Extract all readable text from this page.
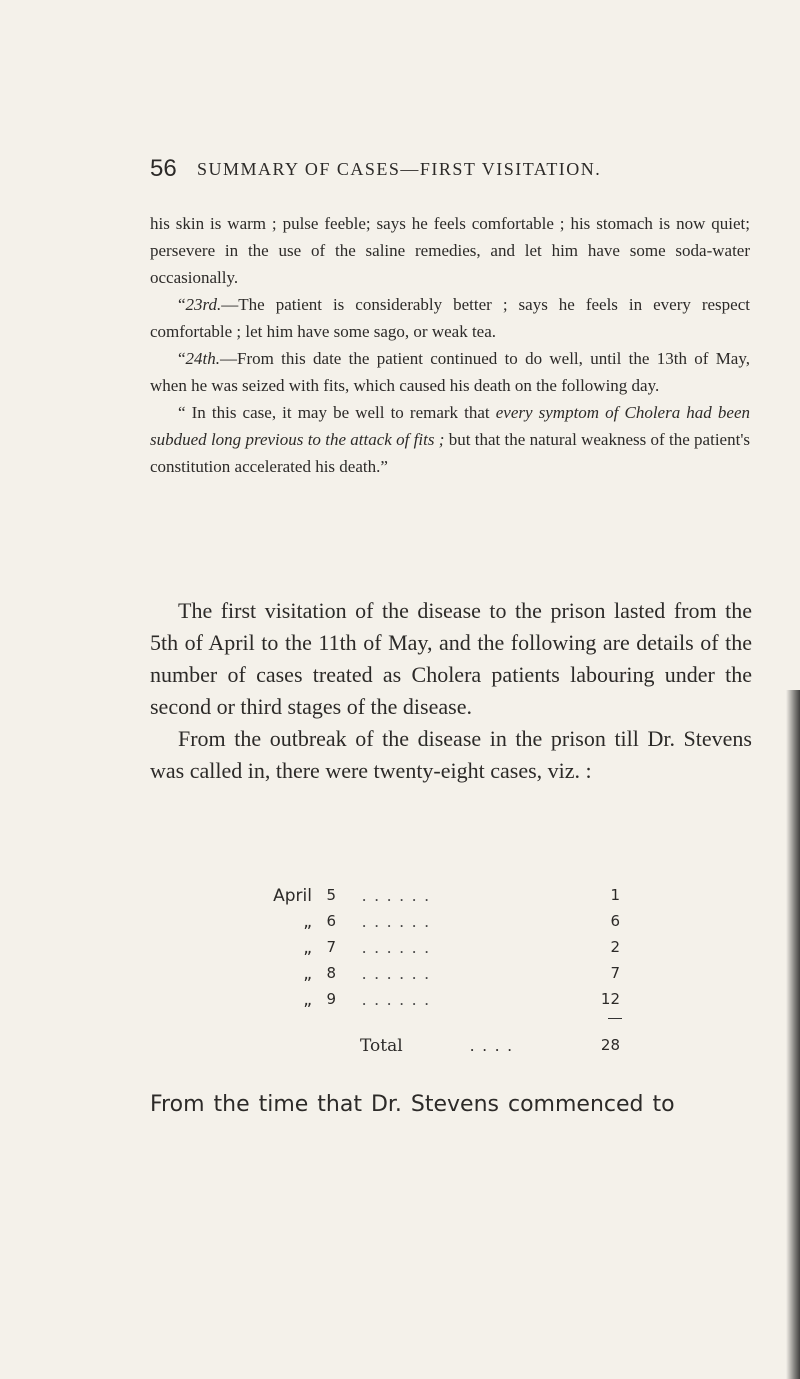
56 SUMMARY OF CASES—FIRST VISITATION.

his skin is warm ; pulse feeble; says he feels comfortable ; his stomach is now quiet; persevere in the use of the saline remedies, and let him have some soda-water occasionally.

“23rd.—The patient is considerably better ; says he feels in every respect comfortable ; let him have some sago, or weak tea.

“24th.—From this date the patient continued to do well, until the 13th of May, when he was seized with fits, which caused his death on the following day.

“ In this case, it may be well to remark that every symptom of Cholera had been subdued long previous to the attack of fits ; but that the natural weakness of the patient's constitution accelerated his death.”

The first visitation of the disease to the prison lasted from the 5th of April to the 11th of May, and the following are details of the number of cases treated as Cholera patients labouring under the second or third stages of the disease.

From the outbreak of the disease in the prison till Dr. Stevens was called in, there were twenty-eight cases, viz. :

April 5 . . . . . .	1
„ 6 . . . . . .	6
„ 7 . . . . . .	2
„ 8 . . . . . .	7
„ 9 . . . . . .	12
Total	. . . .	28
From the time that Dr. Stevens commenced to
